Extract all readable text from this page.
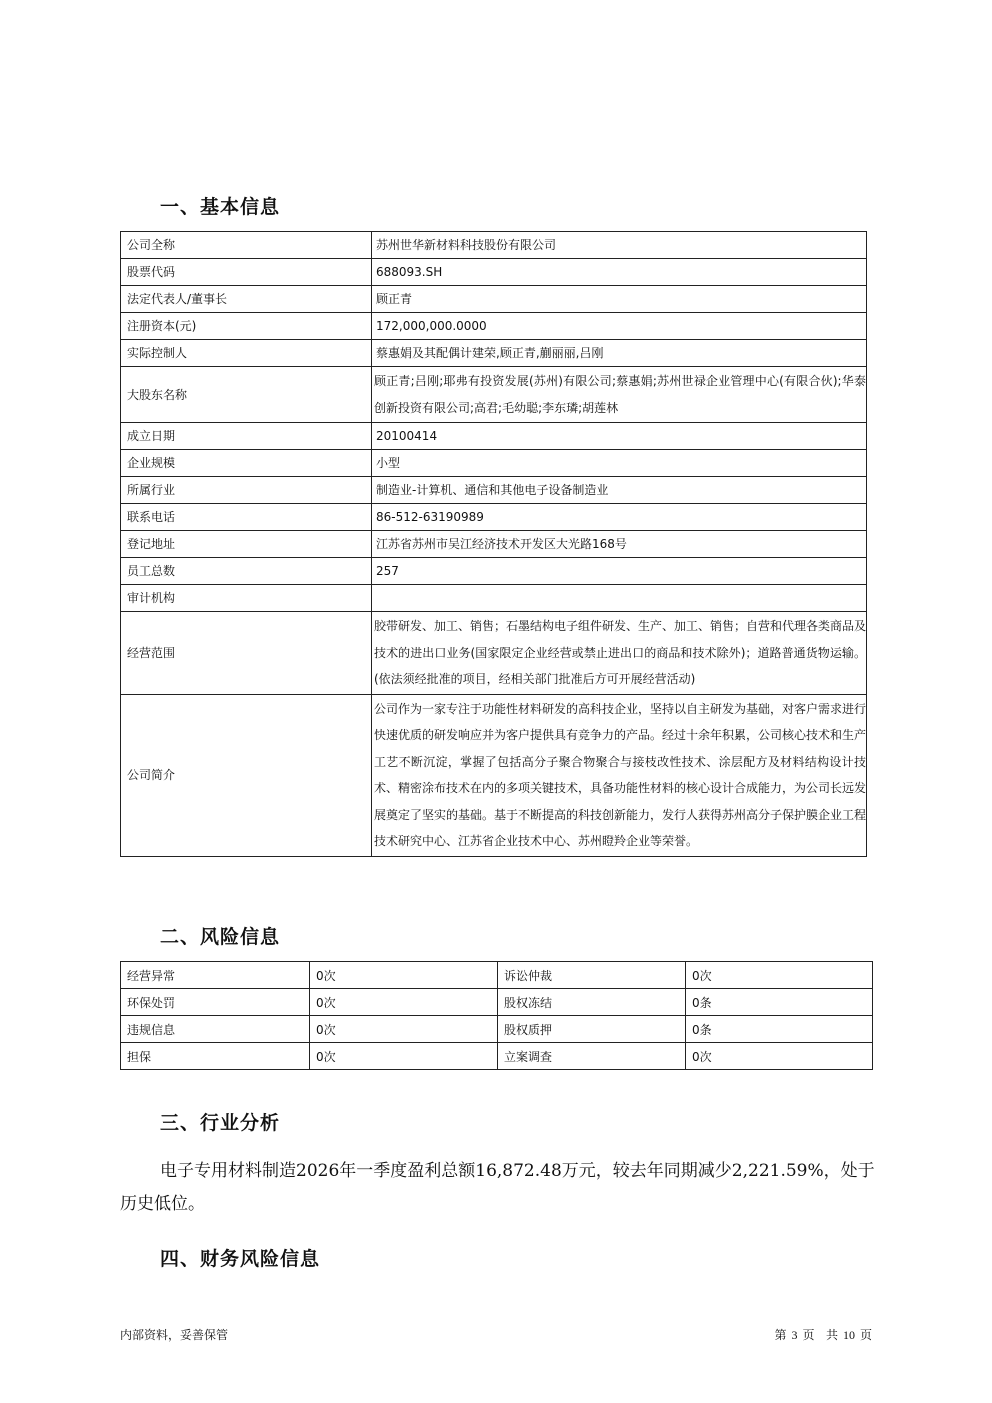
一、基本信息
公司全称	苏州世华新材料科技股份有限公司
股票代码	688093.SH
法定代表人/董事长	顾正青
注册资本(元)	172,000,000.0000
实际控制人	蔡惠娟及其配偶计建荣,顾正青,蒯丽丽,吕刚
大股东名称	顾正青;吕刚;耶弗有投资发展(苏州)有限公司;蔡惠娟;苏州世禄企业管理中心(有限合伙);华泰创新投资有限公司;高君;毛幼聪;李东璘;胡莲林
成立日期	20100414
企业规模	小型
所属行业	制造业-计算机、通信和其他电子设备制造业
联系电话	86-512-63190989
登记地址	江苏省苏州市吴江经济技术开发区大光路168号
员工总数	257
审计机构	
经营范围	胶带研发、加工、销售；石墨结构电子组件研发、生产、加工、销售；自营和代理各类商品及技术的进出口业务(国家限定企业经营或禁止进出口的商品和技术除外)；道路普通货物运输。(依法须经批准的项目，经相关部门批准后方可开展经营活动)
公司简介	公司作为一家专注于功能性材料研发的高科技企业，坚持以自主研发为基础，对客户需求进行快速优质的研发响应并为客户提供具有竞争力的产品。经过十余年积累，公司核心技术和生产工艺不断沉淀，掌握了包括高分子聚合物聚合与接枝改性技术、涂层配方及材料结构设计技术、精密涂布技术在内的多项关键技术，具备功能性材料的核心设计合成能力，为公司长远发展奠定了坚实的基础。基于不断提高的科技创新能力，发行人获得苏州高分子保护膜企业工程技术研究中心、江苏省企业技术中心、苏州瞪羚企业等荣誉。
二、风险信息
经营异常	0次	诉讼仲裁	0次
环保处罚	0次	股权冻结	0条
违规信息	0次	股权质押	0条
担保	0次	立案调查	0次
三、行业分析

电子专用材料制造2026年一季度盈利总额16,872.48万元，较去年同期减少2,221.59%，处于历史低位。

四、财务风险信息
内部资料，妥善保管	第 3 页 共 10 页
